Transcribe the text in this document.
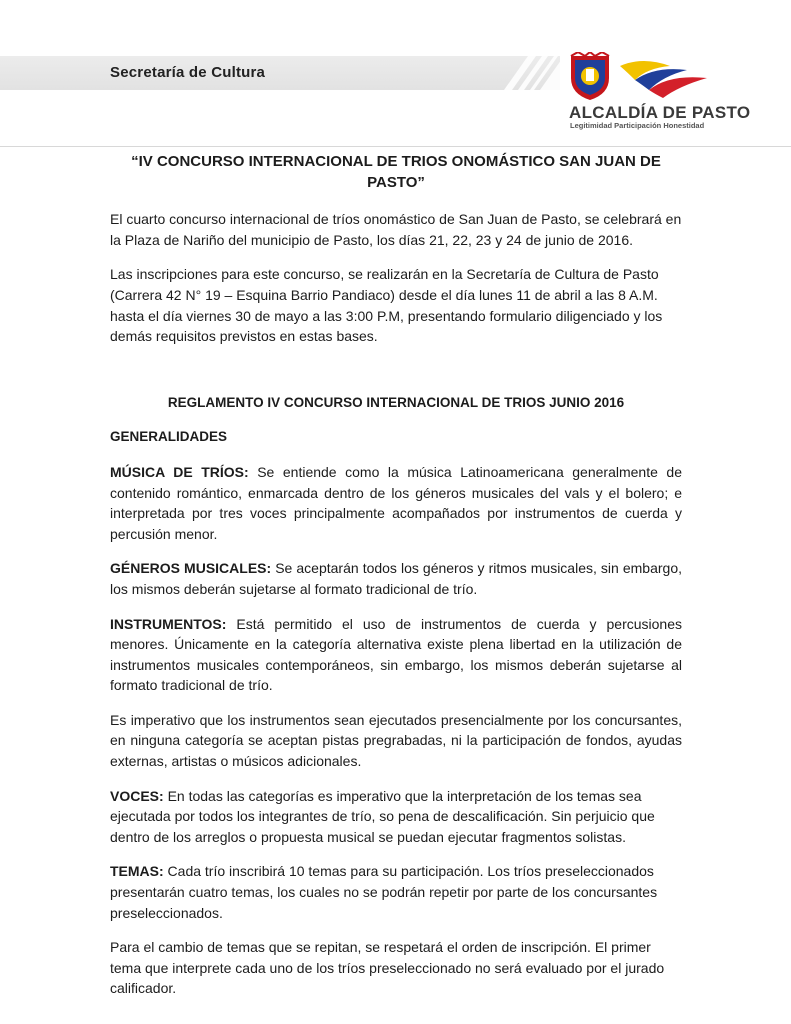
Secretaría de Cultura
ALCALDÍA DE PASTO
Legitimidad Participación Honestidad
“IV CONCURSO INTERNACIONAL DE TRIOS ONOMÁSTICO SAN JUAN DE PASTO”

El cuarto concurso internacional de tríos onomástico de San Juan de Pasto, se celebrará en la Plaza de Nariño del municipio de Pasto, los días 21, 22, 23 y 24 de junio de 2016.

Las inscripciones para este concurso, se realizarán en la Secretaría de Cultura de Pasto (Carrera 42 N° 19 – Esquina Barrio Pandiaco) desde el día lunes 11 de abril a las 8 A.M. hasta el día viernes 30 de mayo a las 3:00 P.M, presentando formulario diligenciado y los demás requisitos previstos en estas bases.

REGLAMENTO IV CONCURSO INTERNACIONAL DE TRIOS JUNIO 2016
GENERALIDADES

MÚSICA DE TRÍOS: Se entiende como la música Latinoamericana generalmente de contenido romántico, enmarcada dentro de los géneros musicales del vals y el bolero; e interpretada por tres voces principalmente acompañados por instrumentos de cuerda y percusión menor.

GÉNEROS MUSICALES: Se aceptarán todos los géneros y ritmos musicales, sin embargo, los mismos deberán sujetarse al formato tradicional de trío.

INSTRUMENTOS: Está permitido el uso de instrumentos de cuerda y percusiones menores. Únicamente en la categoría alternativa existe plena libertad en la utilización de instrumentos musicales contemporáneos, sin embargo, los mismos deberán sujetarse al formato tradicional de trío.

Es imperativo que los instrumentos sean ejecutados presencialmente por los concursantes, en ninguna categoría se aceptan pistas pregrabadas, ni la participación de fondos, ayudas externas, artistas o músicos adicionales.

VOCES: En todas las categorías es imperativo que la interpretación de los temas sea ejecutada por todos los integrantes de trío, so pena de descalificación. Sin perjuicio que dentro de los arreglos o propuesta musical se puedan ejecutar fragmentos solistas.

TEMAS: Cada trío inscribirá 10 temas para su participación. Los tríos preseleccionados presentarán cuatro temas, los cuales no se podrán repetir por parte de los concursantes preseleccionados.

Para el cambio de temas que se repitan, se respetará el orden de inscripción. El primer tema que interprete cada uno de los tríos preseleccionado no será evaluado por el jurado calificador.
